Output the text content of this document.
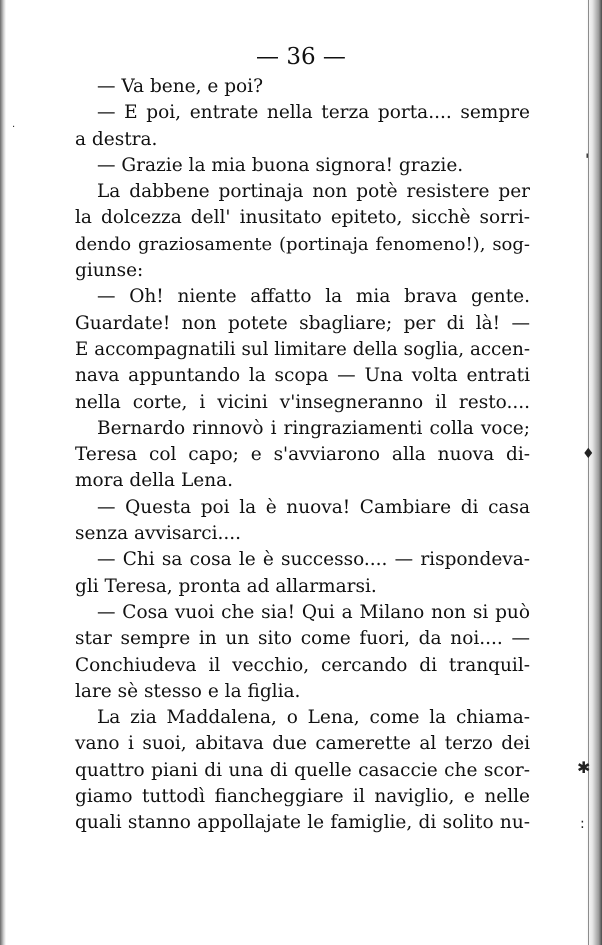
— 36 —
— Va bene, e poi?
— E poi, entrate nella terza porta.... sempre
a destra.
— Grazie la mia buona signora! grazie.
La dabbene portinaja non potè resistere per
la dolcezza dell' inusitato epiteto, sicchè sorri-
dendo graziosamente (portinaja fenomeno!), sog-
giunse:
— Oh! niente affatto la mia brava gente.
Guardate! non potete sbagliare; per di là! —
E accompagnatili sul limitare della soglia, accen-
nava appuntando la scopa — Una volta entrati
nella corte, i vicini v'insegneranno il resto....
Bernardo rinnovò i ringraziamenti colla voce;
Teresa col capo; e s'avviarono alla nuova di-
mora della Lena.
— Questa poi la è nuova! Cambiare di casa
senza avvisarci....
— Chi sa cosa le è successo.... — rispondeva-
gli Teresa, pronta ad allarmarsi.
— Cosa vuoi che sia! Qui a Milano non si può
star sempre in un sito come fuori, da noi.... —
Conchiudeva il vecchio, cercando di tranquil-
lare sè stesso e la figlia.
La zia Maddalena, o Lena, come la chiama-
vano i suoi, abitava due camerette al terzo dei
quattro piani di una di quelle casaccie che scor-
giamo tuttodì fiancheggiare il naviglio, e nelle
quali stanno appollajate le famiglie, di solito nu-
·
'
♦
✱
:
